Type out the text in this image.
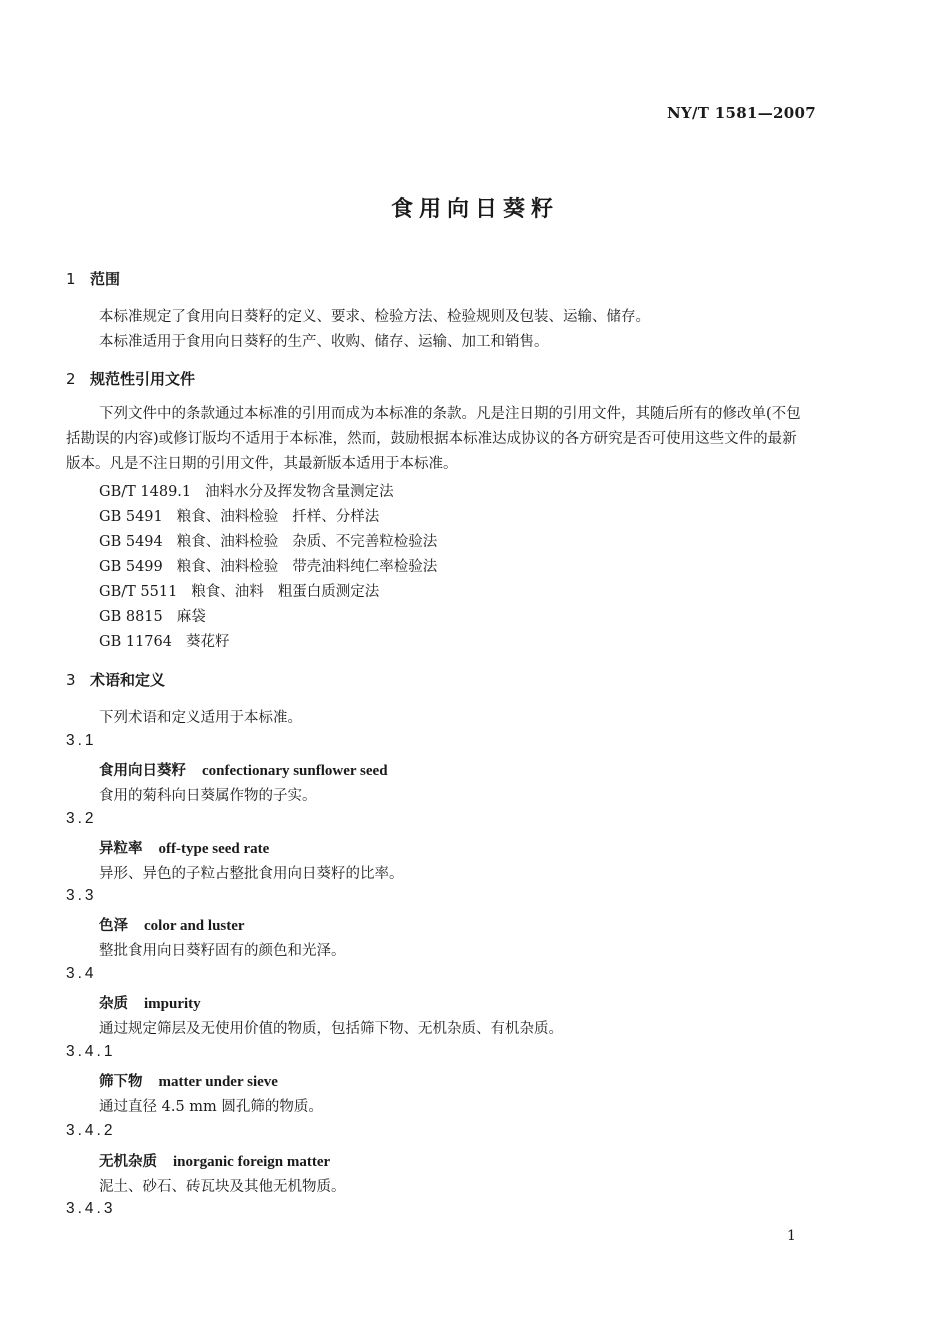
NY/T 1581—2007
食用向日葵籽
1 范围
本标准规定了食用向日葵籽的定义、要求、检验方法、检验规则及包装、运输、储存。
本标准适用于食用向日葵籽的生产、收购、储存、运输、加工和销售。
2 规范性引用文件
下列文件中的条款通过本标准的引用而成为本标准的条款。凡是注日期的引用文件，其随后所有的修改单(不包括勘误的内容)或修订版均不适用于本标准，然而，鼓励根据本标准达成协议的各方研究是否可使用这些文件的最新版本。凡是不注日期的引用文件，其最新版本适用于本标准。
GB/T 1489.1 油料水分及挥发物含量测定法
GB 5491 粮食、油料检验 扦样、分样法
GB 5494 粮食、油料检验 杂质、不完善粒检验法
GB 5499 粮食、油料检验 带壳油料纯仁率检验法
GB/T 5511 粮食、油料 粗蛋白质测定法
GB 8815 麻袋
GB 11764 葵花籽
3 术语和定义
下列术语和定义适用于本标准。
3.1
食用向日葵籽 confectionary sunflower seed
食用的菊科向日葵属作物的子实。
3.2
异粒率 off-type seed rate
异形、异色的子粒占整批食用向日葵籽的比率。
3.3
色泽 color and luster
整批食用向日葵籽固有的颜色和光泽。
3.4
杂质 impurity
通过规定筛层及无使用价值的物质，包括筛下物、无机杂质、有机杂质。
3.4.1
筛下物 matter under sieve
通过直径 4.5 mm 圆孔筛的物质。
3.4.2
无机杂质 inorganic foreign matter
泥土、砂石、砖瓦块及其他无机物质。
3.4.3
1
